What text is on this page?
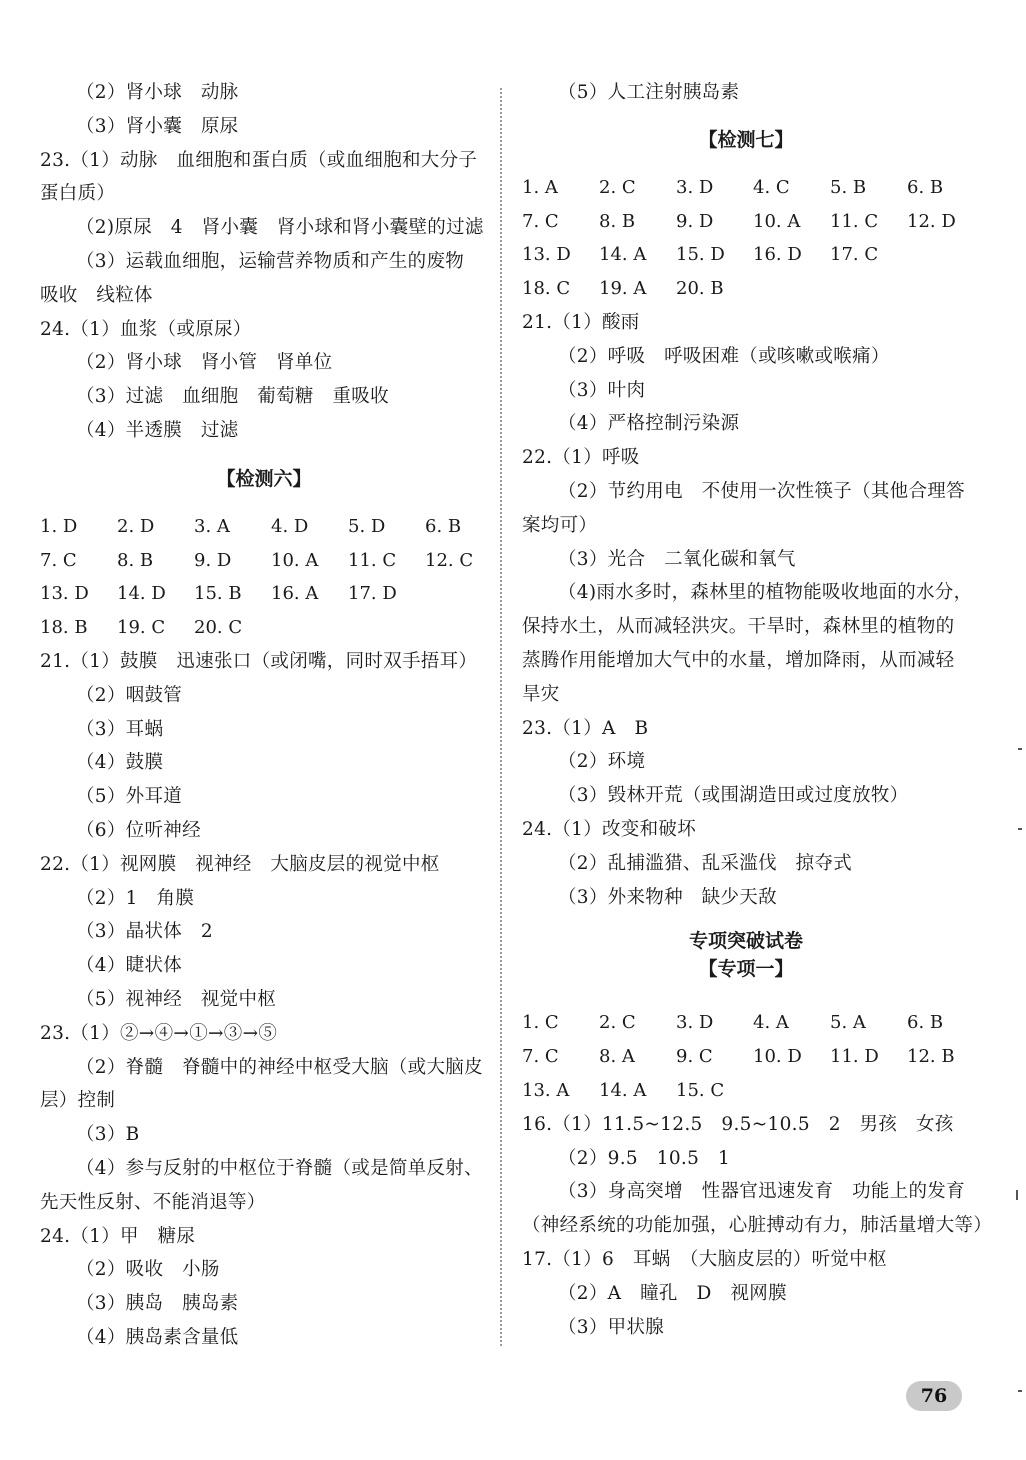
（2）肾小球　动脉
（3）肾小囊　原尿
23.（1）动脉　血细胞和蛋白质（或血细胞和大分子
蛋白质）
（2)原尿　4　肾小囊　肾小球和肾小囊壁的过滤
（3）运载血细胞，运输营养物质和产生的废物
吸收　线粒体
24.（1）血浆（或原尿）
（2）肾小球　肾小管　肾单位
（3）过滤　血细胞　葡萄糖　重吸收
（4）半透膜　过滤
【检测六】
1. D	2. D	3. A	4. D	5. D	6. B
7. C	8. B	9. D	10. A	11. C	12. C
13. D	14. D	15. B	16. A	17. D
18. B	19. C	20. C
21.（1）鼓膜　迅速张口（或闭嘴，同时双手捂耳）
（2）咽鼓管
（3）耳蜗
（4）鼓膜
（5）外耳道
（6）位听神经
22.（1）视网膜　视神经　大脑皮层的视觉中枢
（2）1　角膜
（3）晶状体　2
（4）睫状体
（5）视神经　视觉中枢
23.（1）②→④→①→③→⑤
（2）脊髓　脊髓中的神经中枢受大脑（或大脑皮
层）控制
（3）B
（4）参与反射的中枢位于脊髓（或是简单反射、
先天性反射、不能消退等）
24.（1）甲　糖尿
（2）吸收　小肠
（3）胰岛　胰岛素
（4）胰岛素含量低
（5）人工注射胰岛素
【检测七】
1. A	2. C	3. D	4. C	5. B	6. B
7. C	8. B	9. D	10. A	11. C	12. D
13. D	14. A	15. D	16. D	17. C
18. C	19. A	20. B
21.（1）酸雨
（2）呼吸　呼吸困难（或咳嗽或喉痛）
（3）叶肉
（4）严格控制污染源
22.（1）呼吸
（2）节约用电　不使用一次性筷子（其他合理答
案均可）
（3）光合　二氧化碳和氧气
（4)雨水多时，森林里的植物能吸收地面的水分，
保持水土，从而减轻洪灾。干旱时，森林里的植物的
蒸腾作用能增加大气中的水量，增加降雨，从而减轻
旱灾
23.（1）A　B
（2）环境
（3）毁林开荒（或围湖造田或过度放牧）
24.（1）改变和破坏
（2）乱捕滥猎、乱采滥伐　掠夺式
（3）外来物种　缺少天敌
专项突破试卷
【专项一】
1. C	2. C	3. D	4. A	5. A	6. B
7. C	8. A	9. C	10. D	11. D	12. B
13. A	14. A	15. C
16.（1）11.5~12.5　9.5~10.5　2　男孩　女孩
（2）9.5　10.5　1
（3）身高突增　性器官迅速发育　功能上的发育
（神经系统的功能加强，心脏搏动有力，肺活量增大等）
17.（1）6　耳蜗　（大脑皮层的）听觉中枢
（2）A　瞳孔　D　视网膜
（3）甲状腺
76
